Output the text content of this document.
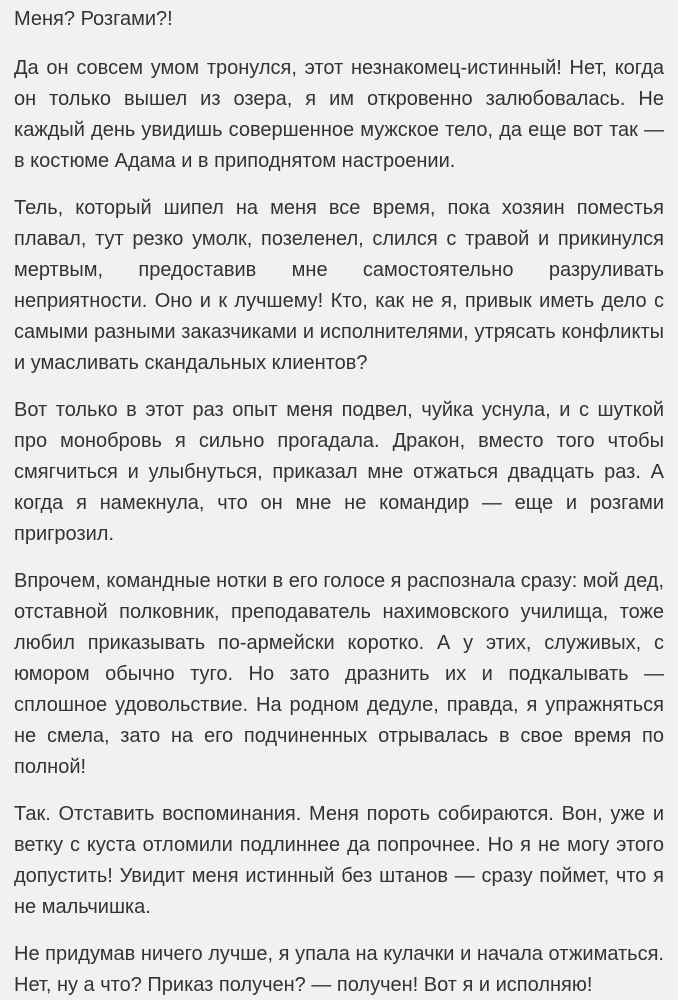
Меня? Розгами?!

Да он совсем умом тронулся, этот незнакомец-истинный! Нет, когда он только вышел из озера, я им откровенно залюбовалась. Не каждый день увидишь совершенное мужское тело, да еще вот так — в костюме Адама и в приподнятом настроении.

Тель, который шипел на меня все время, пока хозяин поместья плавал, тут резко умолк, позеленел, слился с травой и прикинулся мертвым, предоставив мне самостоятельно разруливать неприятности. Оно и к лучшему! Кто, как не я, привык иметь дело с самыми разными заказчиками и исполнителями, утрясать конфликты и умасливать скандальных клиентов?

Вот только в этот раз опыт меня подвел, чуйка уснула, и с шуткой про монобровь я сильно прогадала. Дракон, вместо того чтобы смягчиться и улыбнуться, приказал мне отжаться двадцать раз. А когда я намекнула, что он мне не командир — еще и розгами пригрозил.

Впрочем, командные нотки в его голосе я распознала сразу: мой дед, отставной полковник, преподаватель нахимовского училища, тоже любил приказывать по-армейски коротко. А у этих, служивых, с юмором обычно туго. Но зато дразнить их и подкалывать — сплошное удовольствие. На родном дедуле, правда, я упражняться не смела, зато на его подчиненных отрывалась в свое время по полной!

Так. Отставить воспоминания. Меня пороть собираются. Вон, уже и ветку с куста отломили подлиннее да попрочнее. Но я не могу этого допустить! Увидит меня истинный без штанов — сразу поймет, что я не мальчишка.

Не придумав ничего лучше, я упала на кулачки и начала отжиматься. Нет, ну а что? Приказ получен? — получен! Вот я и исполняю!
